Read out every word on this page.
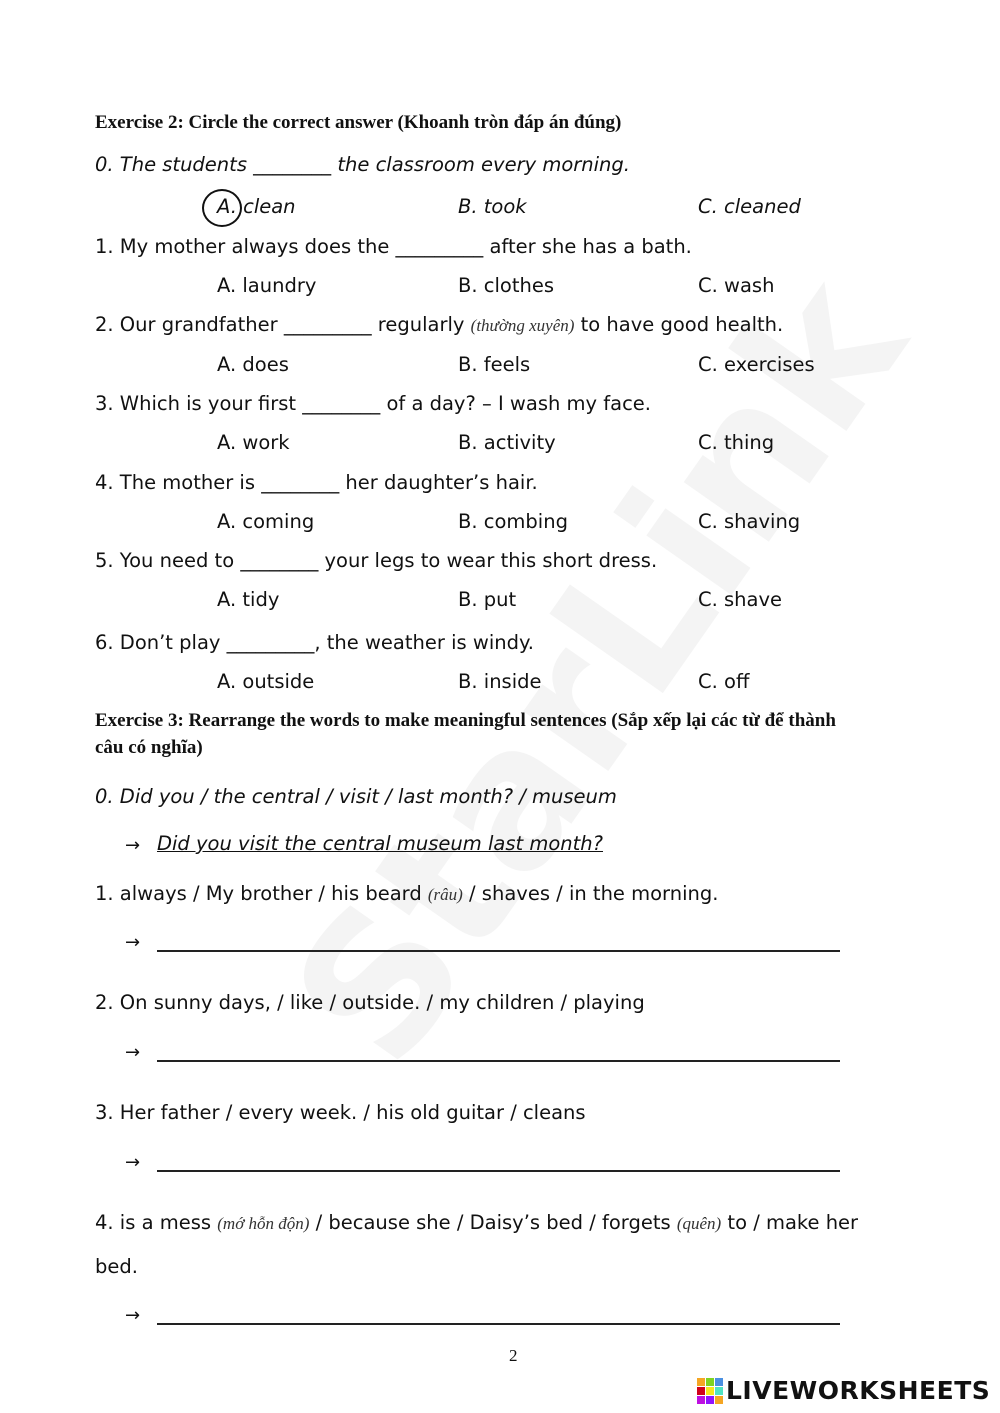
Exercise 2: Circle the correct answer (Khoanh tròn đáp án đúng)
0. The students ________ the classroom every morning.
A. clean	B. took	C. cleaned
1. My mother always does the _________ after she has a bath.
A. laundry	B. clothes	C. wash
2. Our grandfather _________ regularly (thường xuyên) to have good health.
A. does	B. feels	C. exercises
3. Which is your first ________ of a day? – I wash my face.
A. work	B. activity	C. thing
4. The mother is ________ her daughter’s hair.
A. coming	B. combing	C. shaving
5. You need to ________ your legs to wear this short dress.
A. tidy	B. put	C. shave
6. Don’t play _________, the weather is windy.
A. outside	B. inside	C. off
Exercise 3: Rearrange the words to make meaningful sentences (Sắp xếp lại các từ để thành
câu có nghĩa)
0. Did you / the central / visit / last month? / museum
→ Did you visit the central museum last month?
1. always / My brother / his beard (râu) / shaves / in the morning.
→
2. On sunny days, / like / outside. / my children / playing
→
3. Her father / every week. / his old guitar / cleans
→
4. is a mess (mớ hỗn độn) / because she / Daisy’s bed / forgets (quên) to / make her
bed.
→
2
LIVEWORKSHEETS
